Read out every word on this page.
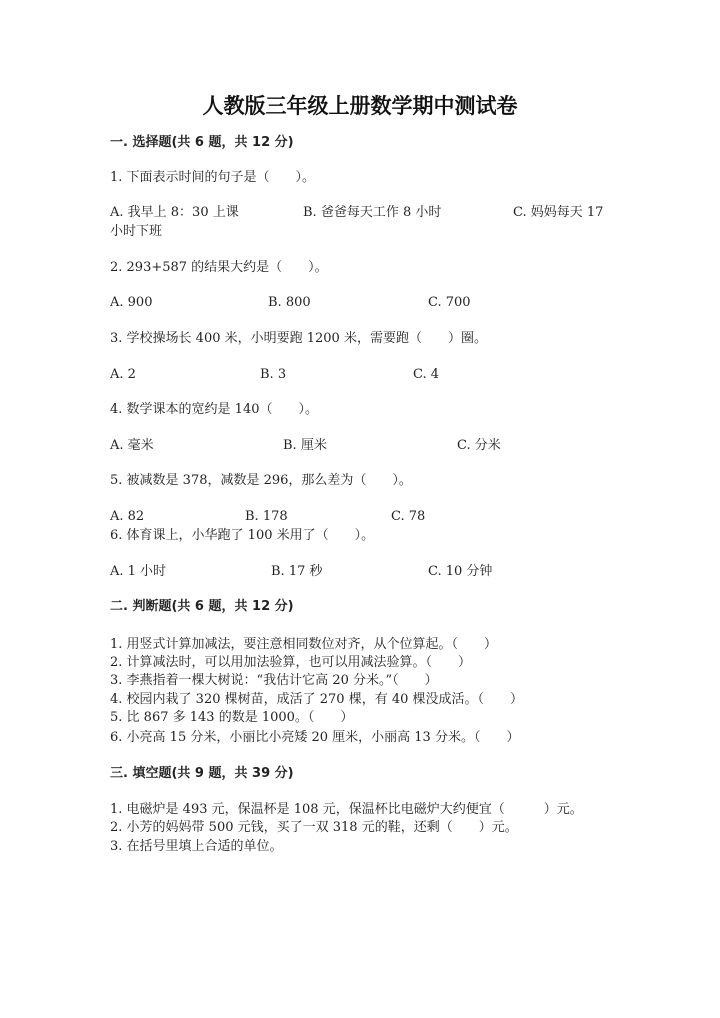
人教版三年级上册数学期中测试卷
一. 选择题(共 6 题，共 12 分)
1. 下面表示时间的句子是（　　）。
A. 我早上 8：30 上课	B. 爸爸每天工作 8 小时	C. 妈妈每天 17
小时下班
2. 293+587 的结果大约是（　　）。
A. 900	B. 800	C. 700
3. 学校操场长 400 米，小明要跑 1200 米，需要跑（　　）圈。
A. 2	B. 3	C. 4
4. 数学课本的宽约是 140（　　）。
A. 毫米	B. 厘米	C. 分米
5. 被减数是 378，减数是 296，那么差为（　　）。
A. 82	B. 178	C. 78
6. 体育课上，小华跑了 100 米用了（　　）。
A. 1 小时	B. 17 秒	C. 10 分钟
二. 判断题(共 6 题，共 12 分)
1. 用竖式计算加减法，要注意相同数位对齐，从个位算起。（　　）
2. 计算减法时，可以用加法验算，也可以用减法验算。（　　）
3. 李燕指着一棵大树说：“我估计它高 20 分米。”（　　）
4. 校园内栽了 320 棵树苗，成活了 270 棵，有 40 棵没成活。（　　）
5. 比 867 多 143 的数是 1000。（　　）
6. 小亮高 15 分米，小丽比小亮矮 20 厘米，小丽高 13 分米。（　　）
三. 填空题(共 9 题，共 39 分)
1. 电磁炉是 493 元，保温杯是 108 元，保温杯比电磁炉大约便宜（　　　）元。
2. 小芳的妈妈带 500 元钱，买了一双 318 元的鞋，还剩（　　）元。
3. 在括号里填上合适的单位。
